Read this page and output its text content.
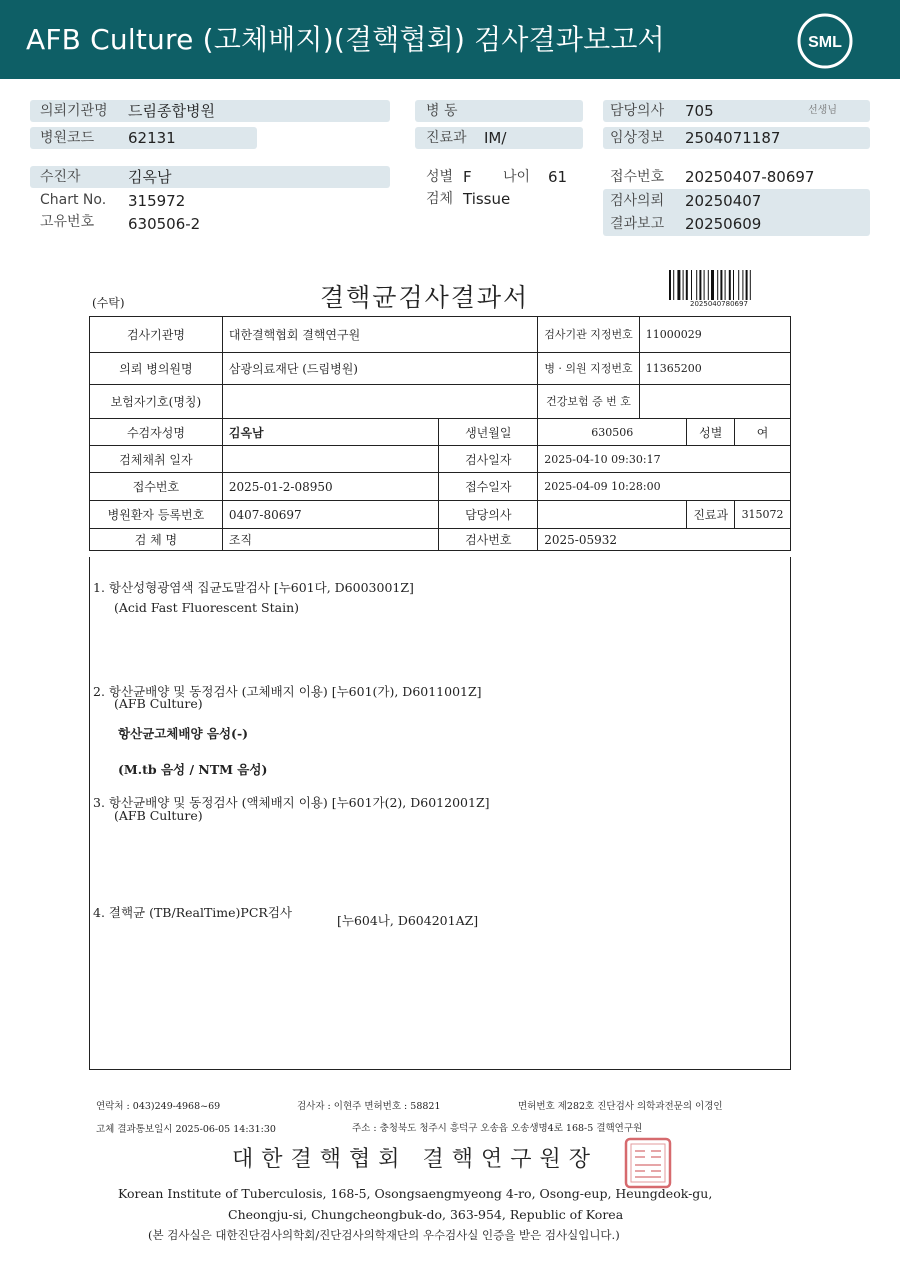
AFB Culture (고체배지)(결핵협회) 검사결과보고서	SML
의뢰기관명 드림종합병원
병원코드 62131
수진자	김옥남
Chart No. 315972
고유번호 630506-2
병 동
진료과 IM/
성별 F 나이 61
검체 Tissue
담당의사 705	선생님
임상정보 2504071187
접수번호 20250407-80697
검사의뢰 20250407
결과보고 20250609
(수탁)	결핵균검사결과서	2025040780697
검사기관명	대한결핵협회 결핵연구원		검사기관 지정번호	11000029		
의뢰 병의원명	삼광의료재단 (드림병원)		병 · 의원 지정번호	11365200		
보험자기호(명칭)			건강보험 증 번 호			
수검자성명	김옥남	생년월일	630506		성별	여
검체채취 일자		검사일자	2025-04-10 09:30:17			
접수번호	2025-01-2-08950	접수일자	2025-04-09 10:28:00			
병원환자 등록번호	0407-80697	담당의사			진료과	315072
검 체 명	조직	검사번호	2025-05932			
1. 항산성형광염색 집균도말검사 [누601다, D6003001Z]
(Acid Fast Fluorescent Stain)
2. 항산균배양 및 동정검사 (고체배지 이용) [누601(가), D6011001Z]
(AFB Culture)
항산균고체배양 음성(-)
(M.tb 음성 / NTM 음성)
3. 항산균배양 및 동정검사 (액체배지 이용) [누601가(2), D6012001Z]
(AFB Culture)
4. 결핵균 (TB/RealTime)PCR검사
[누604나, D604201AZ]
연락처 : 043)249-4968~69	검사자 : 이현주 면허번호 : 58821	면허번호 제282호 진단검사 의학과전문의 이경인
고체 결과통보일시 2025-06-05 14:31:30	주소 : 충청북도 청주시 흥덕구 오송읍 오송생명4로 168-5 결핵연구원
대한결핵협회 결핵연구원장
Korean Institute of Tuberculosis, 168-5, Osongsaengmyeong 4-ro, Osong-eup, Heungdeok-gu,
Cheongju-si, Chungcheongbuk-do, 363-954, Republic of Korea
(본 검사실은 대한진단검사의학회/진단검사의학재단의 우수검사실 인증을 받은 검사실입니다.)
